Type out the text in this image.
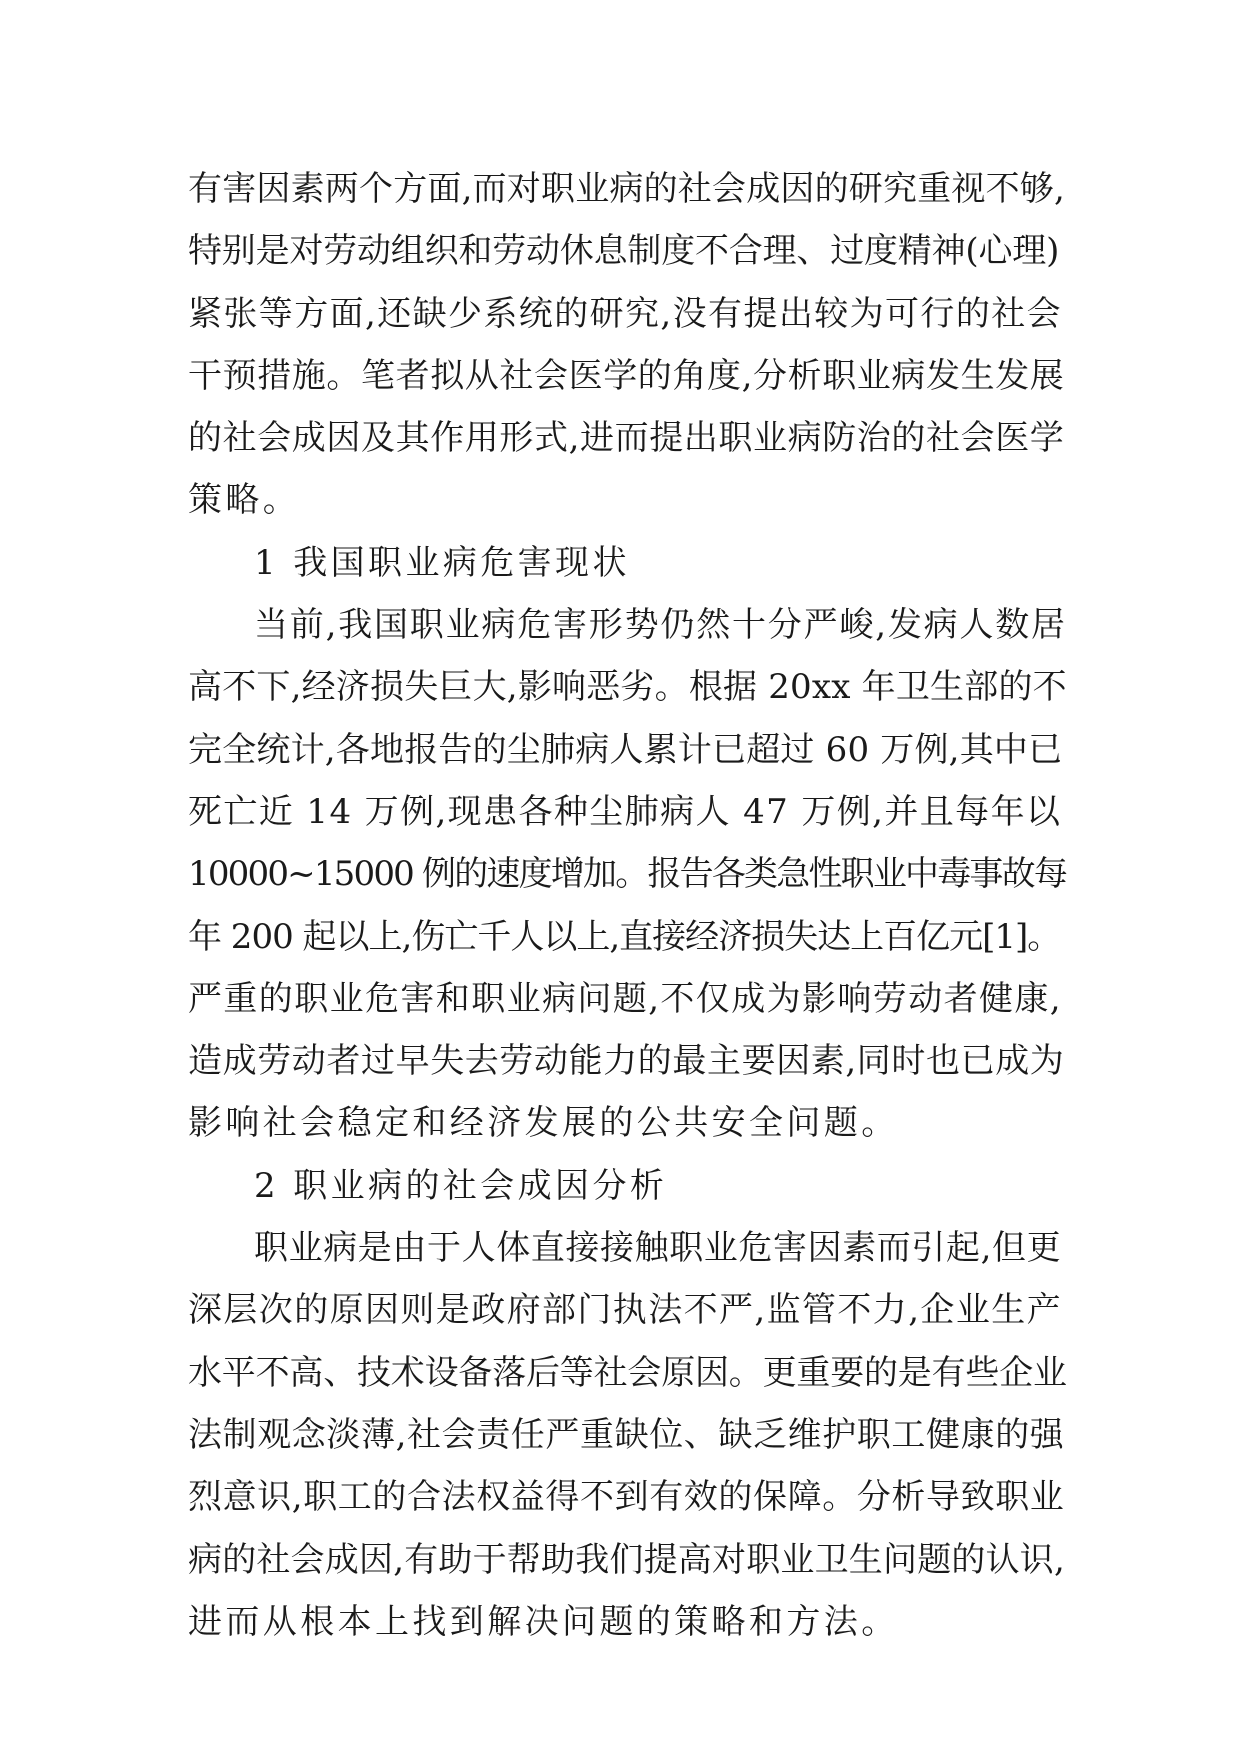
有害因素两个方面,而对职业病的社会成因的研究重视不够,
特别是对劳动组织和劳动休息制度不合理、过度精神(心理)
紧张等方面,还缺少系统的研究,没有提出较为可行的社会
干预措施。笔者拟从社会医学的角度,分析职业病发生发展
的社会成因及其作用形式,进而提出职业病防治的社会医学
策略。
1 我国职业病危害现状
当前,我国职业病危害形势仍然十分严峻,发病人数居
高不下,经济损失巨大,影响恶劣。根据 20xx 年卫生部的不
完全统计,各地报告的尘肺病人累计已超过 60 万例,其中已
死亡近 14 万例,现患各种尘肺病人 47 万例,并且每年以
10000~15000 例的速度增加。报告各类急性职业中毒事故每
年 200 起以上,伤亡千人以上,直接经济损失达上百亿元[1]。
严重的职业危害和职业病问题,不仅成为影响劳动者健康,
造成劳动者过早失去劳动能力的最主要因素,同时也已成为
影响社会稳定和经济发展的公共安全问题。
2 职业病的社会成因分析
职业病是由于人体直接接触职业危害因素而引起,但更
深层次的原因则是政府部门执法不严,监管不力,企业生产
水平不高、技术设备落后等社会原因。更重要的是有些企业
法制观念淡薄,社会责任严重缺位、缺乏维护职工健康的强
烈意识,职工的合法权益得不到有效的保障。分析导致职业
病的社会成因,有助于帮助我们提高对职业卫生问题的认识,
进而从根本上找到解决问题的策略和方法。
